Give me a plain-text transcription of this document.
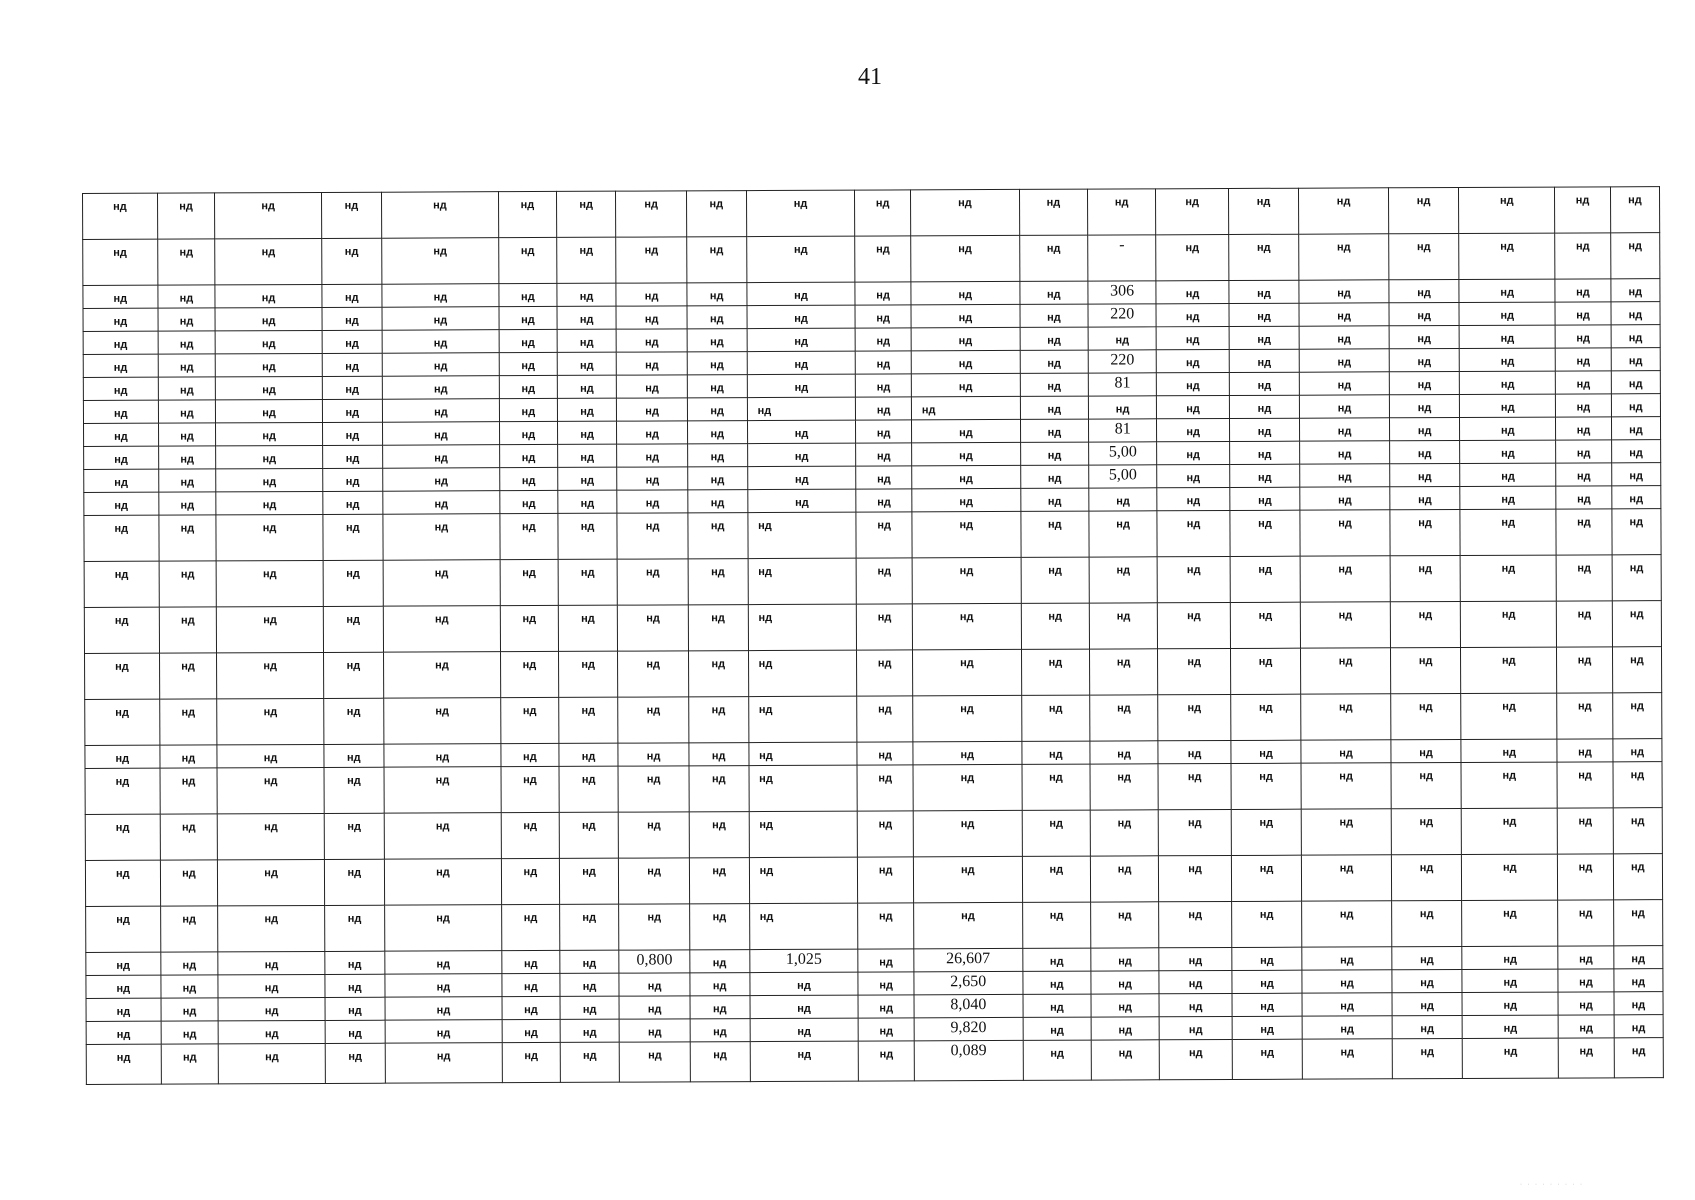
41
нд	нд	нд	нд	нд	нд	нд	нд	нд	нд	нд	нд	нд	нд	нд	нд	нд	нд	нд	нд	нд
нд	нд	нд	нд	нд	нд	нд	нд	нд	нд	нд	нд	нд	-	нд	нд	нд	нд	нд	нд	нд
нд	нд	нд	нд	нд	нд	нд	нд	нд	нд	нд	нд	нд	306	нд	нд	нд	нд	нд	нд	нд
нд	нд	нд	нд	нд	нд	нд	нд	нд	нд	нд	нд	нд	220	нд	нд	нд	нд	нд	нд	нд
нд	нд	нд	нд	нд	нд	нд	нд	нд	нд	нд	нд	нд	нд	нд	нд	нд	нд	нд	нд	нд
нд	нд	нд	нд	нд	нд	нд	нд	нд	нд	нд	нд	нд	220	нд	нд	нд	нд	нд	нд	нд
нд	нд	нд	нд	нд	нд	нд	нд	нд	нд	нд	нд	нд	81	нд	нд	нд	нд	нд	нд	нд
нд	нд	нд	нд	нд	нд	нд	нд	нд	нд	нд	нд	нд	нд	нд	нд	нд	нд	нд	нд	нд
нд	нд	нд	нд	нд	нд	нд	нд	нд	нд	нд	нд	нд	81	нд	нд	нд	нд	нд	нд	нд
нд	нд	нд	нд	нд	нд	нд	нд	нд	нд	нд	нд	нд	5,00	нд	нд	нд	нд	нд	нд	нд
нд	нд	нд	нд	нд	нд	нд	нд	нд	нд	нд	нд	нд	5,00	нд	нд	нд	нд	нд	нд	нд
нд	нд	нд	нд	нд	нд	нд	нд	нд	нд	нд	нд	нд	нд	нд	нд	нд	нд	нд	нд	нд
нд	нд	нд	нд	нд	нд	нд	нд	нд	нд	нд	нд	нд	нд	нд	нд	нд	нд	нд	нд	нд
нд	нд	нд	нд	нд	нд	нд	нд	нд	нд	нд	нд	нд	нд	нд	нд	нд	нд	нд	нд	нд
нд	нд	нд	нд	нд	нд	нд	нд	нд	нд	нд	нд	нд	нд	нд	нд	нд	нд	нд	нд	нд
нд	нд	нд	нд	нд	нд	нд	нд	нд	нд	нд	нд	нд	нд	нд	нд	нд	нд	нд	нд	нд
нд	нд	нд	нд	нд	нд	нд	нд	нд	нд	нд	нд	нд	нд	нд	нд	нд	нд	нд	нд	нд
нд	нд	нд	нд	нд	нд	нд	нд	нд	нд	нд	нд	нд	нд	нд	нд	нд	нд	нд	нд	нд
нд	нд	нд	нд	нд	нд	нд	нд	нд	нд	нд	нд	нд	нд	нд	нд	нд	нд	нд	нд	нд
нд	нд	нд	нд	нд	нд	нд	нд	нд	нд	нд	нд	нд	нд	нд	нд	нд	нд	нд	нд	нд
нд	нд	нд	нд	нд	нд	нд	нд	нд	нд	нд	нд	нд	нд	нд	нд	нд	нд	нд	нд	нд
нд	нд	нд	нд	нд	нд	нд	нд	нд	нд	нд	нд	нд	нд	нд	нд	нд	нд	нд	нд	нд
нд	нд	нд	нд	нд	нд	нд	0,800	нд	1,025	нд	26,607	нд	нд	нд	нд	нд	нд	нд	нд	нд
нд	нд	нд	нд	нд	нд	нд	нд	нд	нд	нд	2,650	нд	нд	нд	нд	нд	нд	нд	нд	нд
нд	нд	нд	нд	нд	нд	нд	нд	нд	нд	нд	8,040	нд	нд	нд	нд	нд	нд	нд	нд	нд
нд	нд	нд	нд	нд	нд	нд	нд	нд	нд	нд	9,820	нд	нд	нд	нд	нд	нд	нд	нд	нд
нд	нд	нд	нд	нд	нд	нд	нд	нд	нд	нд	0,089	нд	нд	нд	нд	нд	нд	нд	нд	нд
· · · · · · · · ·
